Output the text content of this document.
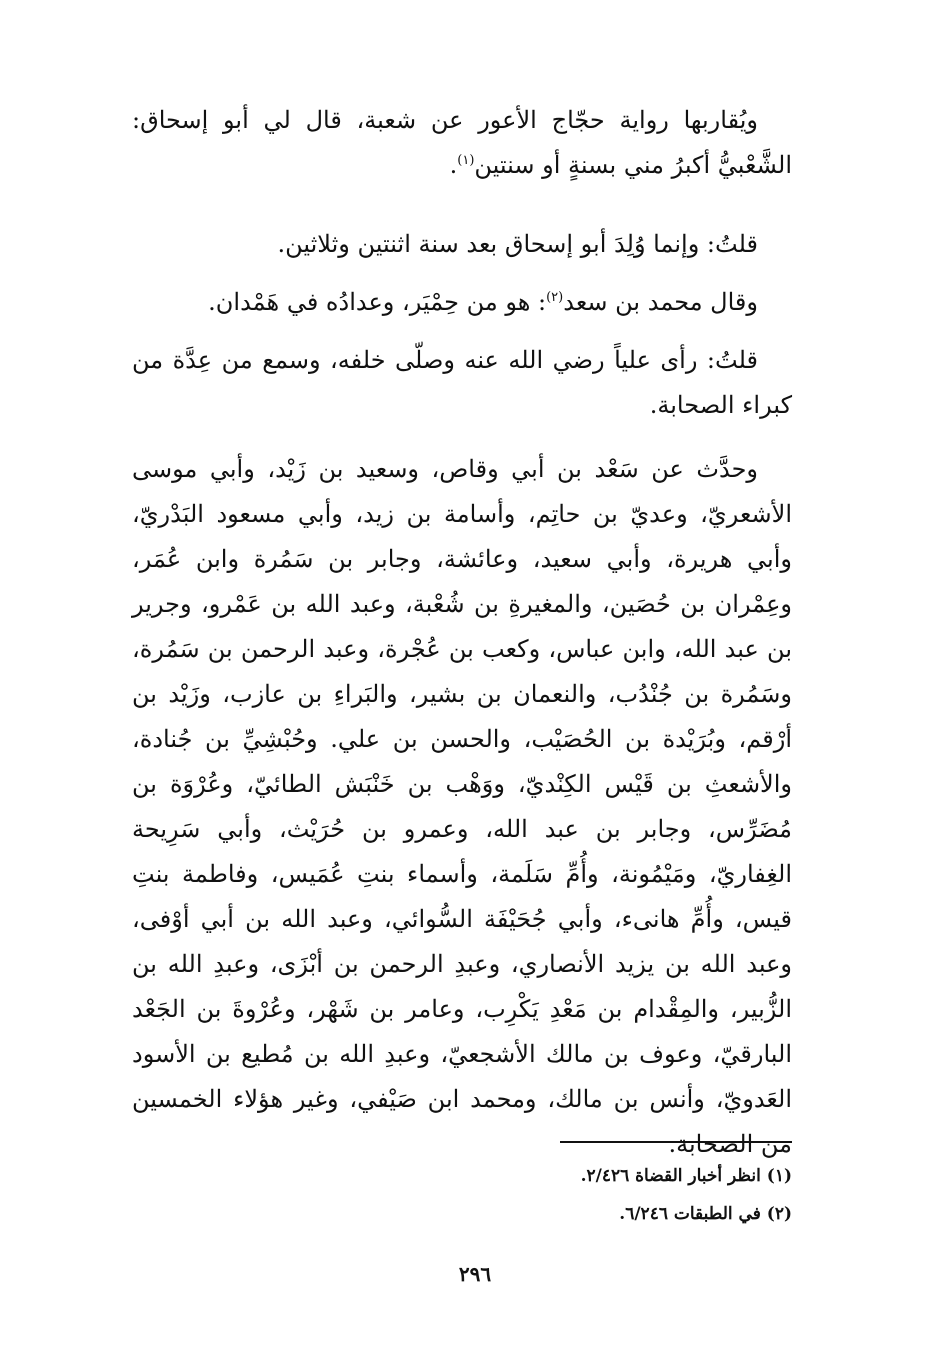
ويُقاربها رواية حجّاج الأعور عن شعبة، قال لي أبو إسحاق: الشَّعْبيُّ أكبرُ مني بسنةٍ أو سنتين$^{(١)}$.

قلتُ: وإنما وُلِدَ أبو إسحاق بعد سنة اثنتين وثلاثين.

وقال محمد بن سعد$^{(٢)}$: هو من حِمْيَر، وعدادُه في هَمْدان.

قلتُ: رأى علياً رضي الله عنه وصلّى خلفه، وسمع من عِدَّة من كبراء الصحابة.

وحدَّث عن سَعْد بن أبي وقاص، وسعيد بن زَيْد، وأبي موسى الأشعريّ، وعديّ بن حاتِم، وأسامة بن زيد، وأبي مسعود البَدْريّ، وأبي هريرة، وأبي سعيد، وعائشة، وجابر بن سَمُرة وابن عُمَر، وعِمْران بن حُصَين، والمغيرةِ بن شُعْبة، وعبد الله بن عَمْرو، وجرير بن عبد الله، وابن عباس، وكعب بن عُجْرة، وعبد الرحمن بن سَمُرة، وسَمُرة بن جُنْدُب، والنعمان بن بشير، والبَراءِ بن عازب، وزَيْد بن أرْقم، وبُرَيْدة بن الحُصَيْب، والحسن بن علي. وحُبْشِيِّ بن جُنادة، والأشعثِ بن قَيْس الكِنْديّ، ووَهْب بن خَنْبَش الطائيّ، وعُرْوَة بن مُضَرِّس، وجابر بن عبد الله، وعمرو بن حُرَيْث، وأبي سَرِيحة الغِفاريّ، ومَيْمُونة، وأُمِّ سَلَمة، وأسماء بنتِ عُمَيس، وفاطمة بنتِ قيس، وأُمِّ هانىء، وأبي جُحَيْفَة السُّوائي، وعبد الله بن أبي أوْفى، وعبد الله بن يزيد الأنصاري، وعبدِ الرحمن بن أبْزَى، وعبدِ الله بن الزُّبير، والمِقْدام بن مَعْدِ يَكْرِب، وعامر بن شَهْر، وعُرْوةَ بن الجَعْد البارقيّ، وعوف بن مالك الأشجعيّ، وعبدِ الله بن مُطيع بن الأسود العَدويّ، وأنس بن مالك، ومحمد ابن صَيْفي، وغير هؤلاء الخمسين من الصحابة.

(١) انظر أخبار القضاة ٢/٤٢٦.

(٢) في الطبقات ٦/٢٤٦.

٢٩٦
